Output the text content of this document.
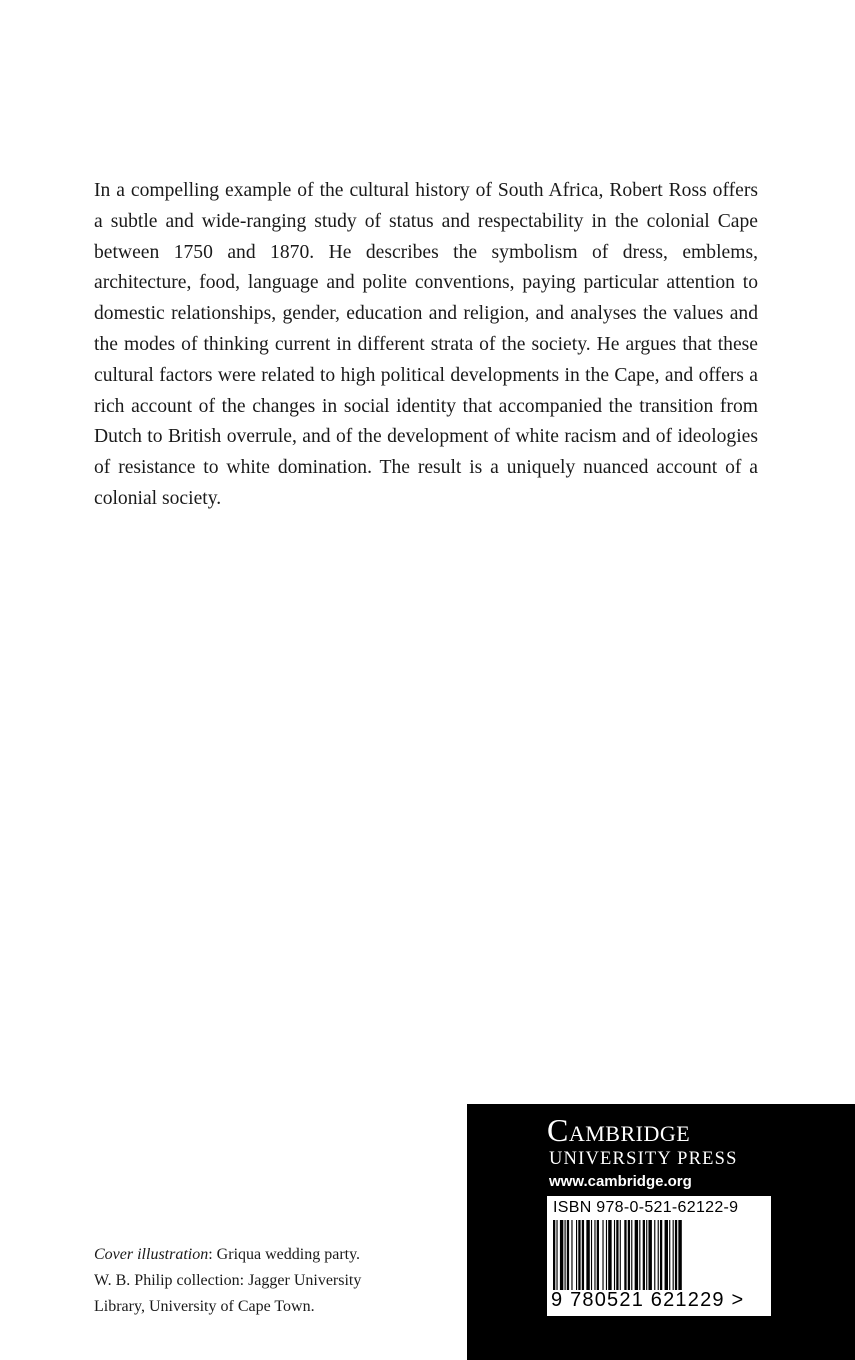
In a compelling example of the cultural history of South Africa, Robert Ross offers a subtle and wide-ranging study of status and respectability in the colonial Cape between 1750 and 1870. He describes the symbolism of dress, emblems, architecture, food, language and polite conventions, paying particular attention to domestic relationships, gender, education and religion, and analyses the values and the modes of thinking current in different strata of the society. He argues that these cultural factors were related to high political developments in the Cape, and offers a rich account of the changes in social identity that accompanied the transition from Dutch to British overrule, and of the development of white racism and of ideologies of resistance to white domination. The result is a uniquely nuanced account of a colonial society.

Cover illustration: Griqua wedding party.
W. B. Philip collection: Jagger University
Library, University of Cape Town.
Cambridge
UNIVERSITY PRESS
www.cambridge.org
ISBN 978-0-521-62122-9
9 780521 621229 >
